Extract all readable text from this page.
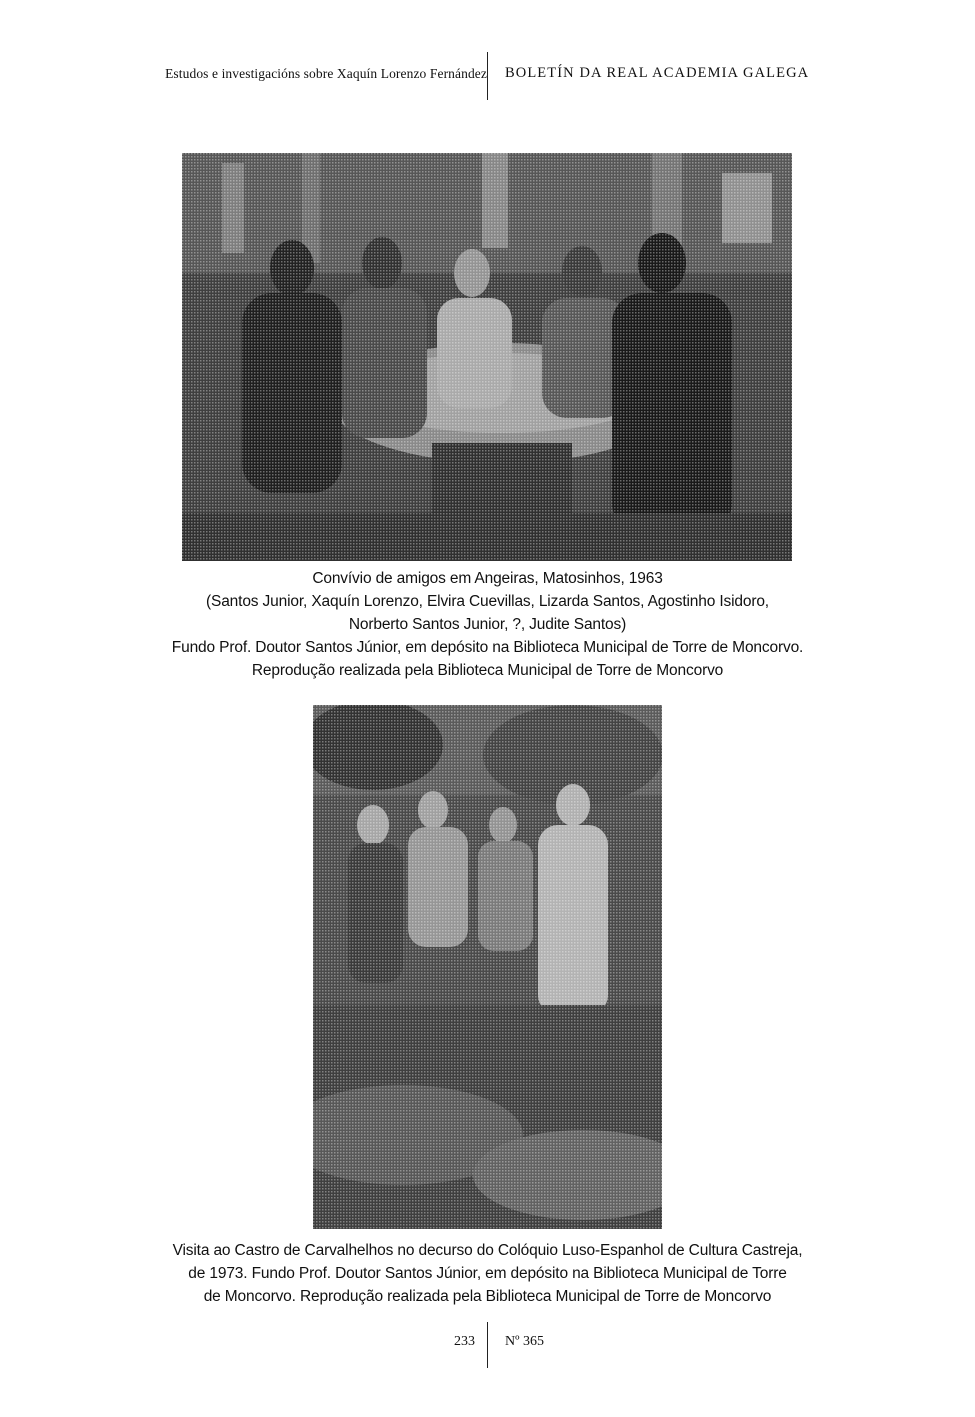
Estudos e investigacións sobre Xaquín Lorenzo Fernández BOLETÍN DA REAL ACADEMIA GALEGA
Convívio de amigos em Angeiras, Matosinhos, 1963
(Santos Junior, Xaquín Lorenzo, Elvira Cuevillas, Lizarda Santos, Agostinho Isidoro,
Norberto Santos Junior, ?, Judite Santos)
Fundo Prof. Doutor Santos Júnior, em depósito na Biblioteca Municipal de Torre de Moncorvo.
Reprodução realizada pela Biblioteca Municipal de Torre de Moncorvo
Visita ao Castro de Carvalhelhos no decurso do Colóquio Luso-Espanhol de Cultura Castreja,
de 1973. Fundo Prof. Doutor Santos Júnior, em depósito na Biblioteca Municipal de Torre
de Moncorvo. Reprodução realizada pela Biblioteca Municipal de Torre de Moncorvo
233 Nº 365
